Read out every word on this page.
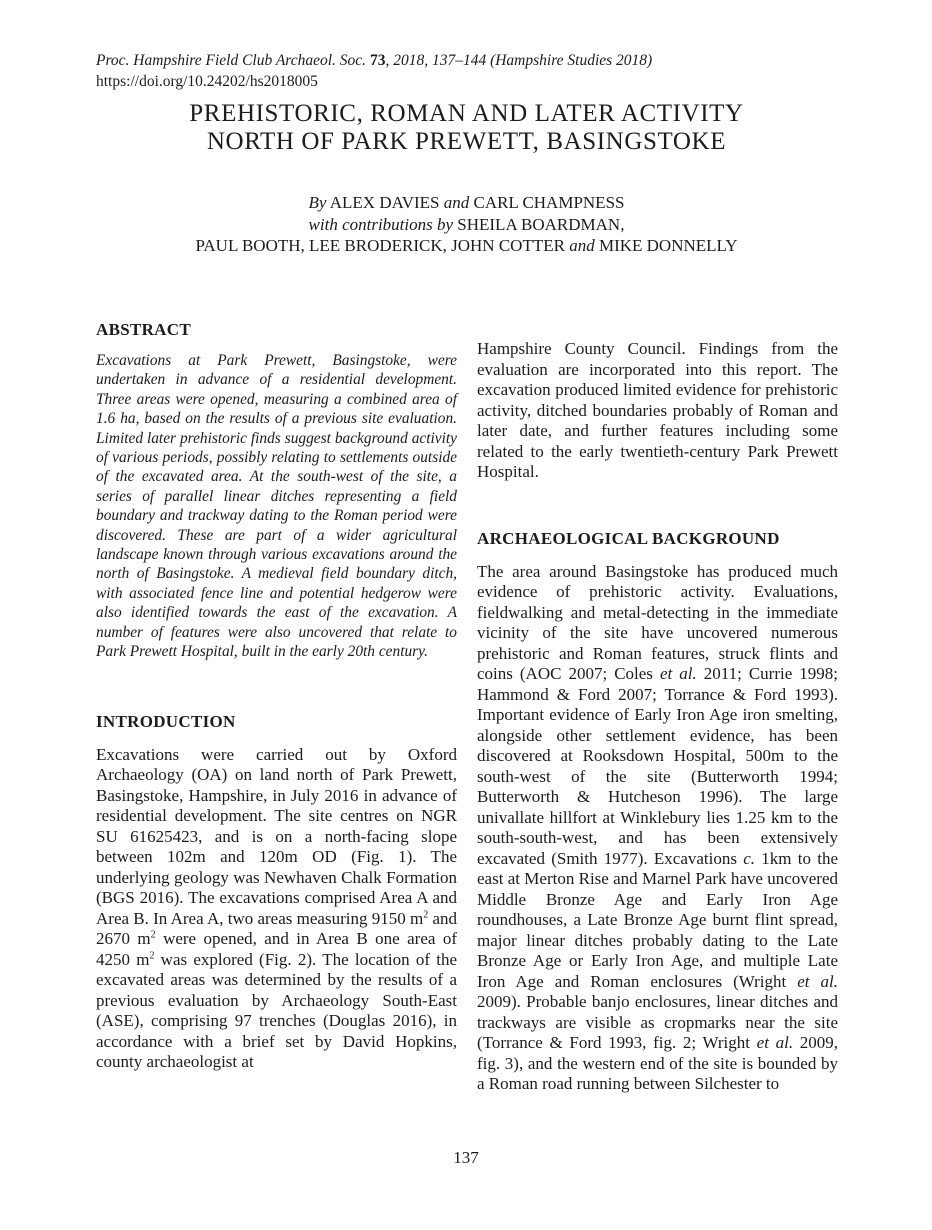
Proc. Hampshire Field Club Archaeol. Soc. 73, 2018, 137–144 (Hampshire Studies 2018)
https://doi.org/10.24202/hs2018005
PREHISTORIC, ROMAN AND LATER ACTIVITY
NORTH OF PARK PREWETT, BASINGSTOKE
By ALEX DAVIES and CARL CHAMPNESS
with contributions by SHEILA BOARDMAN,
PAUL BOOTH, LEE BRODERICK, JOHN COTTER and MIKE DONNELLY
ABSTRACT

Excavations at Park Prewett, Basingstoke, were undertaken in advance of a residential development. Three areas were opened, measuring a combined area of 1.6 ha, based on the results of a previous site evaluation. Limited later prehistoric finds suggest background activity of various periods, possibly relating to settlements outside of the excavated area. At the south-west of the site, a series of parallel linear ditches representing a field boundary and trackway dating to the Roman period were discovered. These are part of a wider agricultural landscape known through various excavations around the north of Basingstoke. A medieval field boundary ditch, with associated fence line and potential hedgerow were also identified towards the east of the excavation. A number of features were also uncovered that relate to Park Prewett Hospital, built in the early 20th century.

INTRODUCTION

Excavations were carried out by Oxford Archaeology (OA) on land north of Park Prewett, Basingstoke, Hampshire, in July 2016 in advance of residential development. The site centres on NGR SU 61625423, and is on a north-facing slope between 102m and 120m OD (Fig. 1). The underlying geology was Newhaven Chalk Formation (BGS 2016). The excavations comprised Area A and Area B. In Area A, two areas measuring 9150 $m^2$ and 2670 $m^2$ were opened, and in Area B one area of 4250 $m^2$ was explored (Fig. 2). The location of the excavated areas was determined by the results of a previous evaluation by Archaeology South-East (ASE), comprising 97 trenches (Douglas 2016), in accordance with a brief set by David Hopkins, county archaeologist at

Hampshire County Council. Findings from the evaluation are incorporated into this report. The excavation produced limited evidence for prehistoric activity, ditched boundaries probably of Roman and later date, and further features including some related to the early twentieth-century Park Prewett Hospital.

ARCHAEOLOGICAL BACKGROUND

The area around Basingstoke has produced much evidence of prehistoric activity. Evaluations, fieldwalking and metal-detecting in the immediate vicinity of the site have uncovered numerous prehistoric and Roman features, struck flints and coins (AOC 2007; Coles et al. 2011; Currie 1998; Hammond & Ford 2007; Torrance & Ford 1993). Important evidence of Early Iron Age iron smelting, alongside other settlement evidence, has been discovered at Rooksdown Hospital, 500m to the south-west of the site (Butterworth 1994; Butterworth & Hutcheson 1996). The large univallate hillfort at Winklebury lies 1.25 km to the south-south-west, and has been extensively excavated (Smith 1977). Excavations c. 1km to the east at Merton Rise and Marnel Park have uncovered Middle Bronze Age and Early Iron Age roundhouses, a Late Bronze Age burnt flint spread, major linear ditches probably dating to the Late Bronze Age or Early Iron Age, and multiple Late Iron Age and Roman enclosures (Wright et al. 2009). Probable banjo enclosures, linear ditches and trackways are visible as cropmarks near the site (Torrance & Ford 1993, fig. 2; Wright et al. 2009, fig. 3), and the western end of the site is bounded by a Roman road running between Silchester to

137
